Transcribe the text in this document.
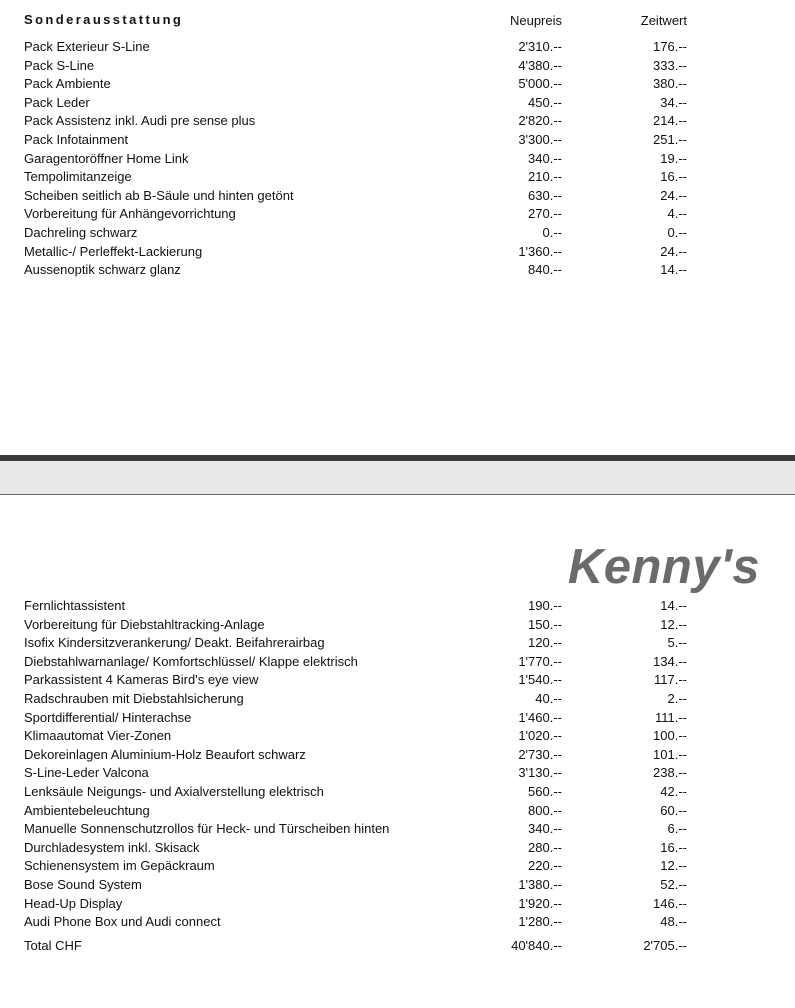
Sonderausstattung	Neupreis	Zeitwert
Pack Exterieur S-Line	2'310.--	176.--
Pack S-Line	4'380.--	333.--
Pack Ambiente	5'000.--	380.--
Pack Leder	450.--	34.--
Pack Assistenz inkl. Audi pre sense plus	2'820.--	214.--
Pack Infotainment	3'300.--	251.--
Garagentoröffner Home Link	340.--	19.--
Tempolimitanzeige	210.--	16.--
Scheiben seitlich ab B-Säule und hinten getönt	630.--	24.--
Vorbereitung für Anhängevorrichtung	270.--	4.--
Dachreling schwarz	0.--	0.--
Metallic-/ Perleffekt-Lackierung	1'360.--	24.--
Aussenoptik schwarz glanz	840.--	14.--
Kenny's
Fernlichtassistent	190.--	14.--
Vorbereitung für Diebstahltracking-Anlage	150.--	12.--
Isofix Kindersitzverankerung/ Deakt. Beifahrerairbag	120.--	5.--
Diebstahlwarnanlage/ Komfortschlüssel/ Klappe elektrisch	1'770.--	134.--
Parkassistent 4 Kameras Bird's eye view	1'540.--	117.--
Radschrauben mit Diebstahlsicherung	40.--	2.--
Sportdifferential/ Hinterachse	1'460.--	111.--
Klimaautomat Vier-Zonen	1'020.--	100.--
Dekoreinlagen Aluminium-Holz Beaufort schwarz	2'730.--	101.--
S-Line-Leder Valcona	3'130.--	238.--
Lenksäule Neigungs- und Axialverstellung elektrisch	560.--	42.--
Ambientebeleuchtung	800.--	60.--
Manuelle Sonnenschutzrollos für Heck- und Türscheiben hinten	340.--	6.--
Durchladesystem inkl. Skisack	280.--	16.--
Schienensystem im Gepäckraum	220.--	12.--
Bose Sound System	1'380.--	52.--
Head-Up Display	1'920.--	146.--
Audi Phone Box und Audi connect	1'280.--	48.--
Total CHF	40'840.--	2'705.--
